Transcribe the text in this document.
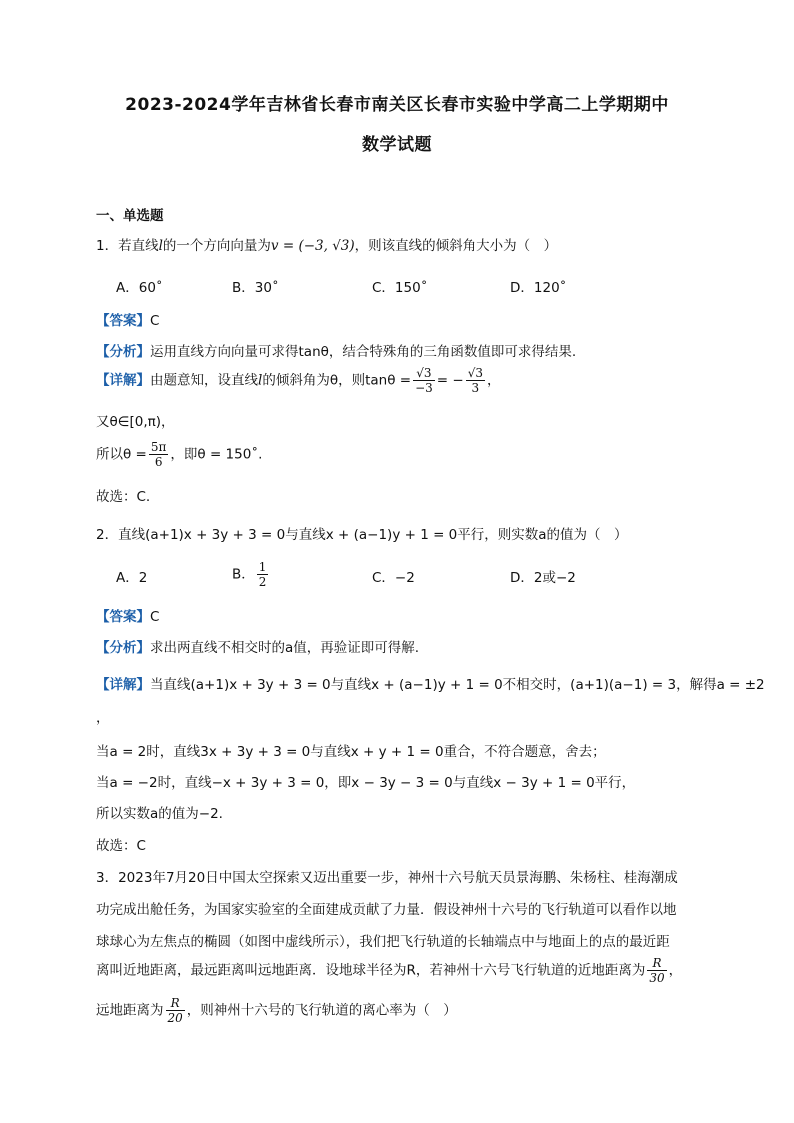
2023-2024学年吉林省长春市南关区长春市实验中学高二上学期期中
数学试题
一、单选题
1．若直线l的一个方向向量为v = (−3, √3)，则该直线的倾斜角大小为（　）
A．60˚	B．30˚	C．150˚	D．120˚
【答案】C
【分析】运用直线方向向量可求得tanθ，结合特殊角的三角函数值即可求得结果.
【详解】由题意知，设直线l的倾斜角为θ，则$\tan\theta = \frac{√3}{-3}$ = − $\frac{√3}{3}$ ，
又θ∈[0,π)，
所以$\theta = \frac{5\pi}{6}$ ，即θ = 150˚.
故选：C.
2．直线(a+1)x + 3y + 3 = 0与直线x + (a−1)y + 1 = 0平行，则实数a的值为（　）
A．2	B． $\frac{1}{2}$	C．−2	D．2或−2
【答案】C
【分析】求出两直线不相交时的a值，再验证即可得解.
【详解】当直线(a+1)x + 3y + 3 = 0与直线x + (a−1)y + 1 = 0不相交时，(a+1)(a−1) = 3，解得a = ±2
，
当a = 2时，直线3x + 3y + 3 = 0与直线x + y + 1 = 0重合，不符合题意，舍去；
当a = −2时，直线−x + 3y + 3 = 0，即x − 3y − 3 = 0与直线x − 3y + 1 = 0平行，
所以实数a的值为−2.
故选：C
3．2023年7月20日中国太空探索又迈出重要一步，神州十六号航天员景海鹏、朱杨柱、桂海潮成
功完成出舱任务，为国家实验室的全面建成贡献了力量．假设神州十六号的飞行轨道可以看作以地
球球心为左焦点的椭圆（如图中虚线所示），我们把飞行轨道的长轴端点中与地面上的点的最近距
离叫近地距离，最远距离叫远地距离．设地球半径为R，若神州十六号飞行轨道的近地距离为 $\frac{R}{30}$ ，
远地距离为 $\frac{R}{20}$ ，则神州十六号的飞行轨道的离心率为（　）
